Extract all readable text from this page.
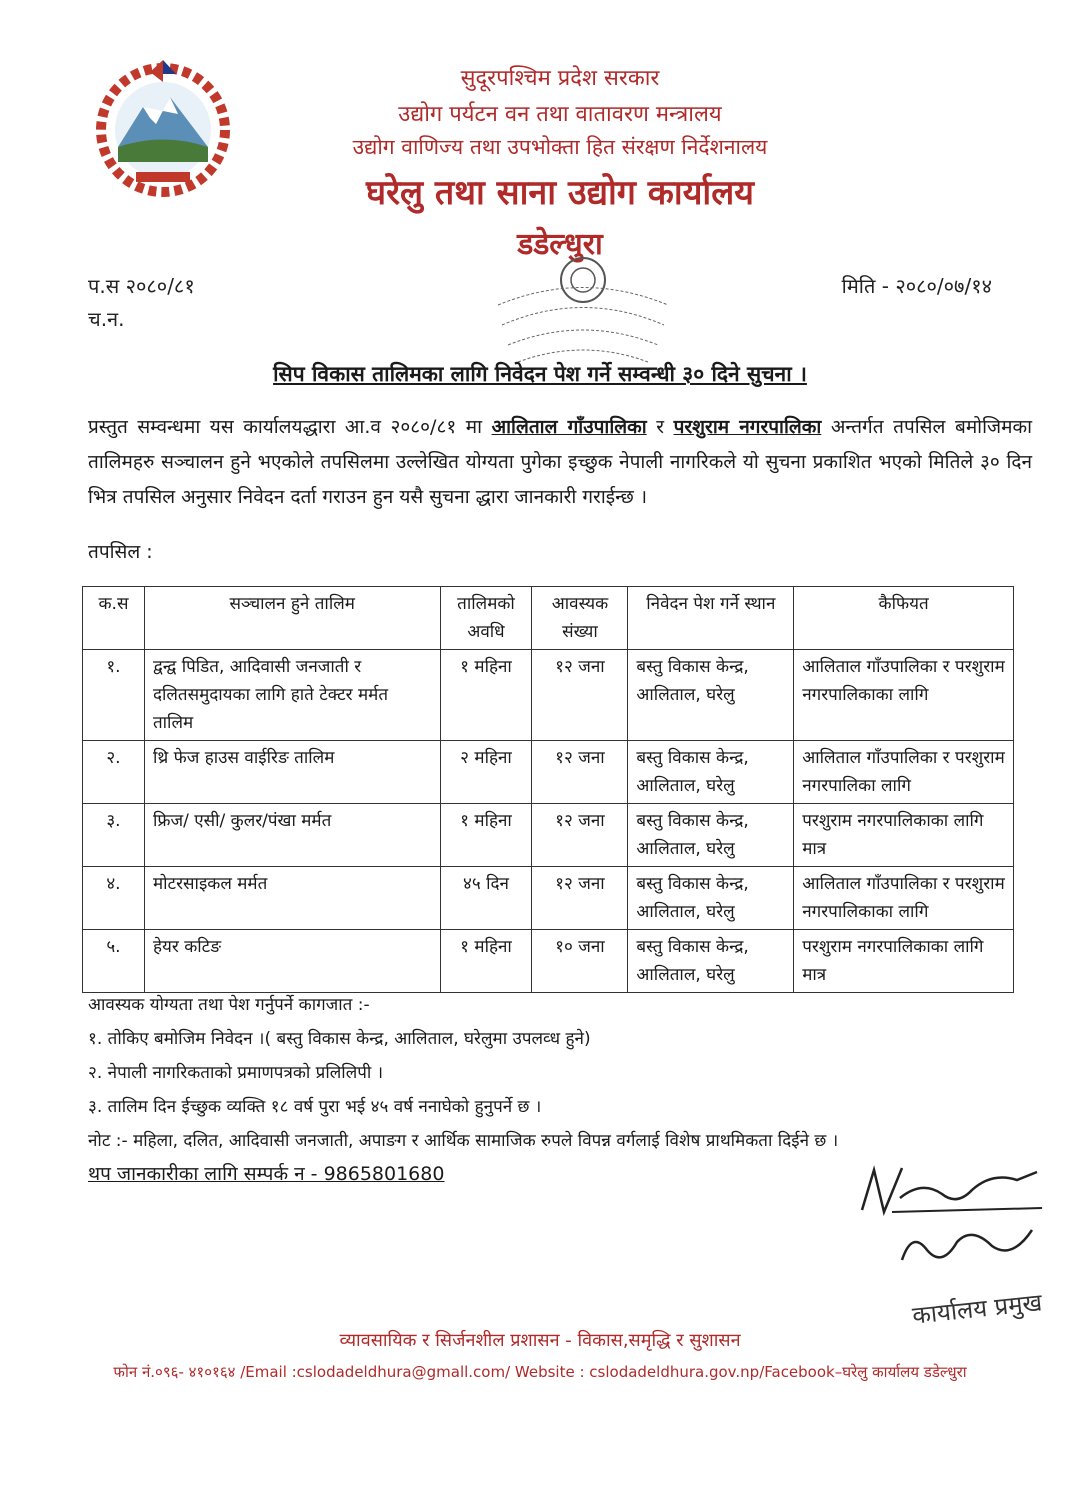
सुदूरपश्चिम प्रदेश सरकार
उद्योग पर्यटन वन तथा वातावरण मन्त्रालय
उद्योग वाणिज्य तथा उपभोक्ता हित संरक्षण निर्देशनालय
घरेलु तथा साना उद्योग कार्यालय
डडेल्धुरा
प.स २०८०/८१
च.न.
मिति - २०८०/०७/१४
सिप विकास तालिमका लागि निवेदन पेश गर्ने सम्वन्धी ३० दिने सुचना ।
प्रस्तुत सम्वन्धमा यस कार्यालयद्धारा आ.व २०८०/८१ मा आलिताल गाँउपालिका र परशुराम नगरपालिका अन्तर्गत तपसिल बमोजिमका तालिमहरु सञ्चालन हुने भएकोले तपसिलमा उल्लेखित योग्यता पुगेका इच्छुक नेपाली नागरिकले यो सुचना प्रकाशित भएको मितिले ३० दिन भित्र तपसिल अनुसार निवेदन दर्ता गराउन हुन यसै सुचना द्धारा जानकारी गराईन्छ ।
तपसिल :
क.स	सञ्चालन हुने तालिम	तालिमको अवधि	आवस्यक संख्या	निवेदन पेश गर्ने स्थान	कैफियत
१.	द्वन्द्व पिडित, आदिवासी जनजाती र दलितसमुदायका लागि हाते टेक्टर मर्मत तालिम	१ महिना	१२ जना	बस्तु विकास केन्द्र, आलिताल, घरेलु	आलिताल गाँउपालिका र परशुराम नगरपालिकाका लागि
२.	थ्रि फेज हाउस वाईरिङ तालिम	२ महिना	१२ जना	बस्तु विकास केन्द्र, आलिताल, घरेलु	आलिताल गाँउपालिका र परशुराम नगरपालिका लागि
३.	फ्रिज/ एसी/ कुलर/पंखा मर्मत	१ महिना	१२ जना	बस्तु विकास केन्द्र, आलिताल, घरेलु	परशुराम नगरपालिकाका लागि मात्र
४.	मोटरसाइकल मर्मत	४५ दिन	१२ जना	बस्तु विकास केन्द्र, आलिताल, घरेलु	आलिताल गाँउपालिका र परशुराम नगरपालिकाका लागि
५.	हेयर कटिङ	१ महिना	१० जना	बस्तु विकास केन्द्र, आलिताल, घरेलु	परशुराम नगरपालिकाका लागि मात्र
आवस्यक योग्यता तथा पेश गर्नुपर्ने कागजात :-
१. तोकिए बमोजिम निवेदन ।( बस्तु विकास केन्द्र, आलिताल, घरेलुमा उपलव्ध हुने)
२. नेपाली नागरिकताको प्रमाणपत्रको प्रलिलिपी ।
३. तालिम दिन ईच्छुक व्यक्ति १८ वर्ष पुरा भई ४५ वर्ष ननाघेको हुनुपर्ने छ ।
नोट :- महिला, दलित, आदिवासी जनजाती, अपाङग र आर्थिक सामाजिक रुपले विपन्न वर्गलाई विशेष प्राथमिकता दिईने छ ।
थप जानकारीका लागि सम्पर्क न - 9865801680
कार्यालय प्रमुख
व्यावसायिक र सिर्जनशील प्रशासन - विकास,समृद्धि र सुशासन
फोन नं.०९६- ४१०१६४ /Email :cslodadeldhura@gmall.com/ Website : cslodadeldhura.gov.np/Facebook–घरेलु कार्यालय डडेल्धुरा
